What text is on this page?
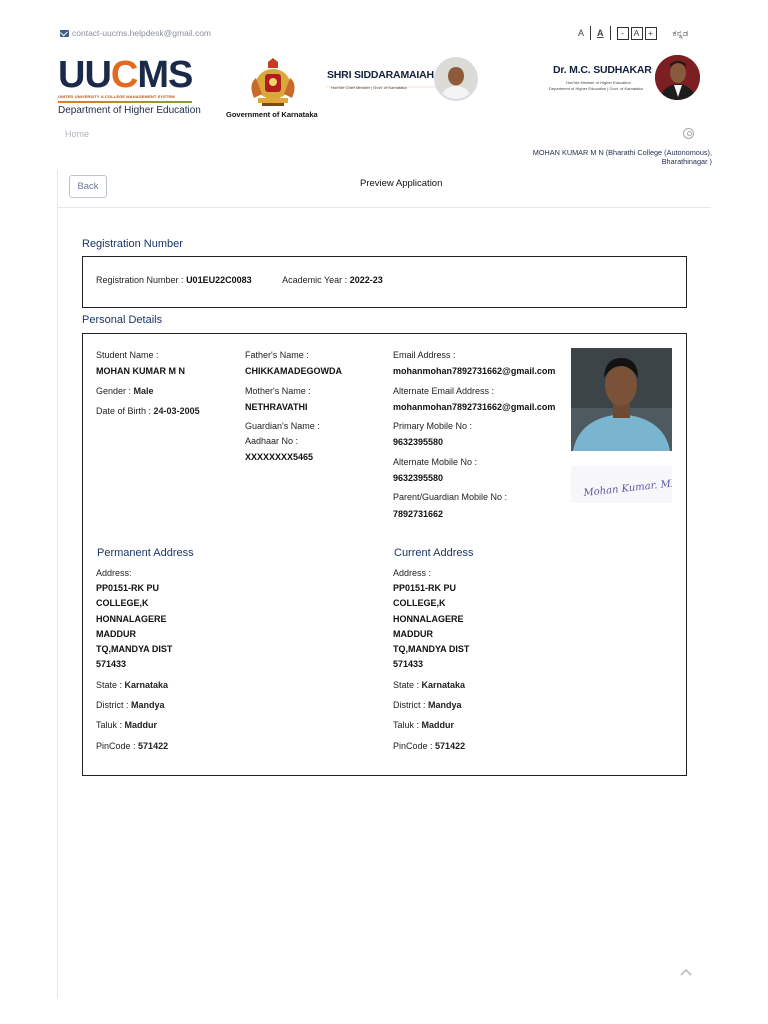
contact-uucms.helpdesk@gmail.com	A A	-	A	+	ಕನ್ನಡ
UUCMS
UNITED UNIVERSITY & COLLEGE MANAGEMENT SYSTEM
Department of Higher Education	Government of Karnataka
SHRI SIDDARAMAIAH
Hon'ble Chief Minister | Govt. of Karnataka
Dr. M.C. SUDHAKAR
Hon'ble Minister of Higher Education
Department of Higher Education | Govt. of Karnataka
Home
MOHAN KUMAR M N (Bharathi College (Autonomous),
Bharathinagar )
Back	Preview Application
Registration Number
Registration Number : U01EU22C0083	Academic Year : 2022-23
Personal Details
Student Name :
MOHAN KUMAR M N
Gender : Male
Date of Birth : 24-03-2005
Father's Name :
CHIKKAMADEGOWDA
Mother's Name :
NETHRAVATHI
Guardian's Name :
Aadhaar No :
XXXXXXXX5465
Email Address :
mohanmohan7892731662@gmail.com
Alternate Email Address :
mohanmohan7892731662@gmail.com
Primary Mobile No :
9632395580
Alternate Mobile No :
9632395580
Parent/Guardian Mobile No :
7892731662
Mohan Kumar. MN
Permanent Address
Address:
PP0151-RK PU
COLLEGE,K
HONNALAGERE
MADDUR
TQ,MANDYA DIST
571433
State : Karnataka
District : Mandya
Taluk : Maddur
PinCode : 571422
Current Address
Address :
PP0151-RK PU
COLLEGE,K
HONNALAGERE
MADDUR
TQ,MANDYA DIST
571433
State : Karnataka
District : Mandya
Taluk : Maddur
PinCode : 571422
